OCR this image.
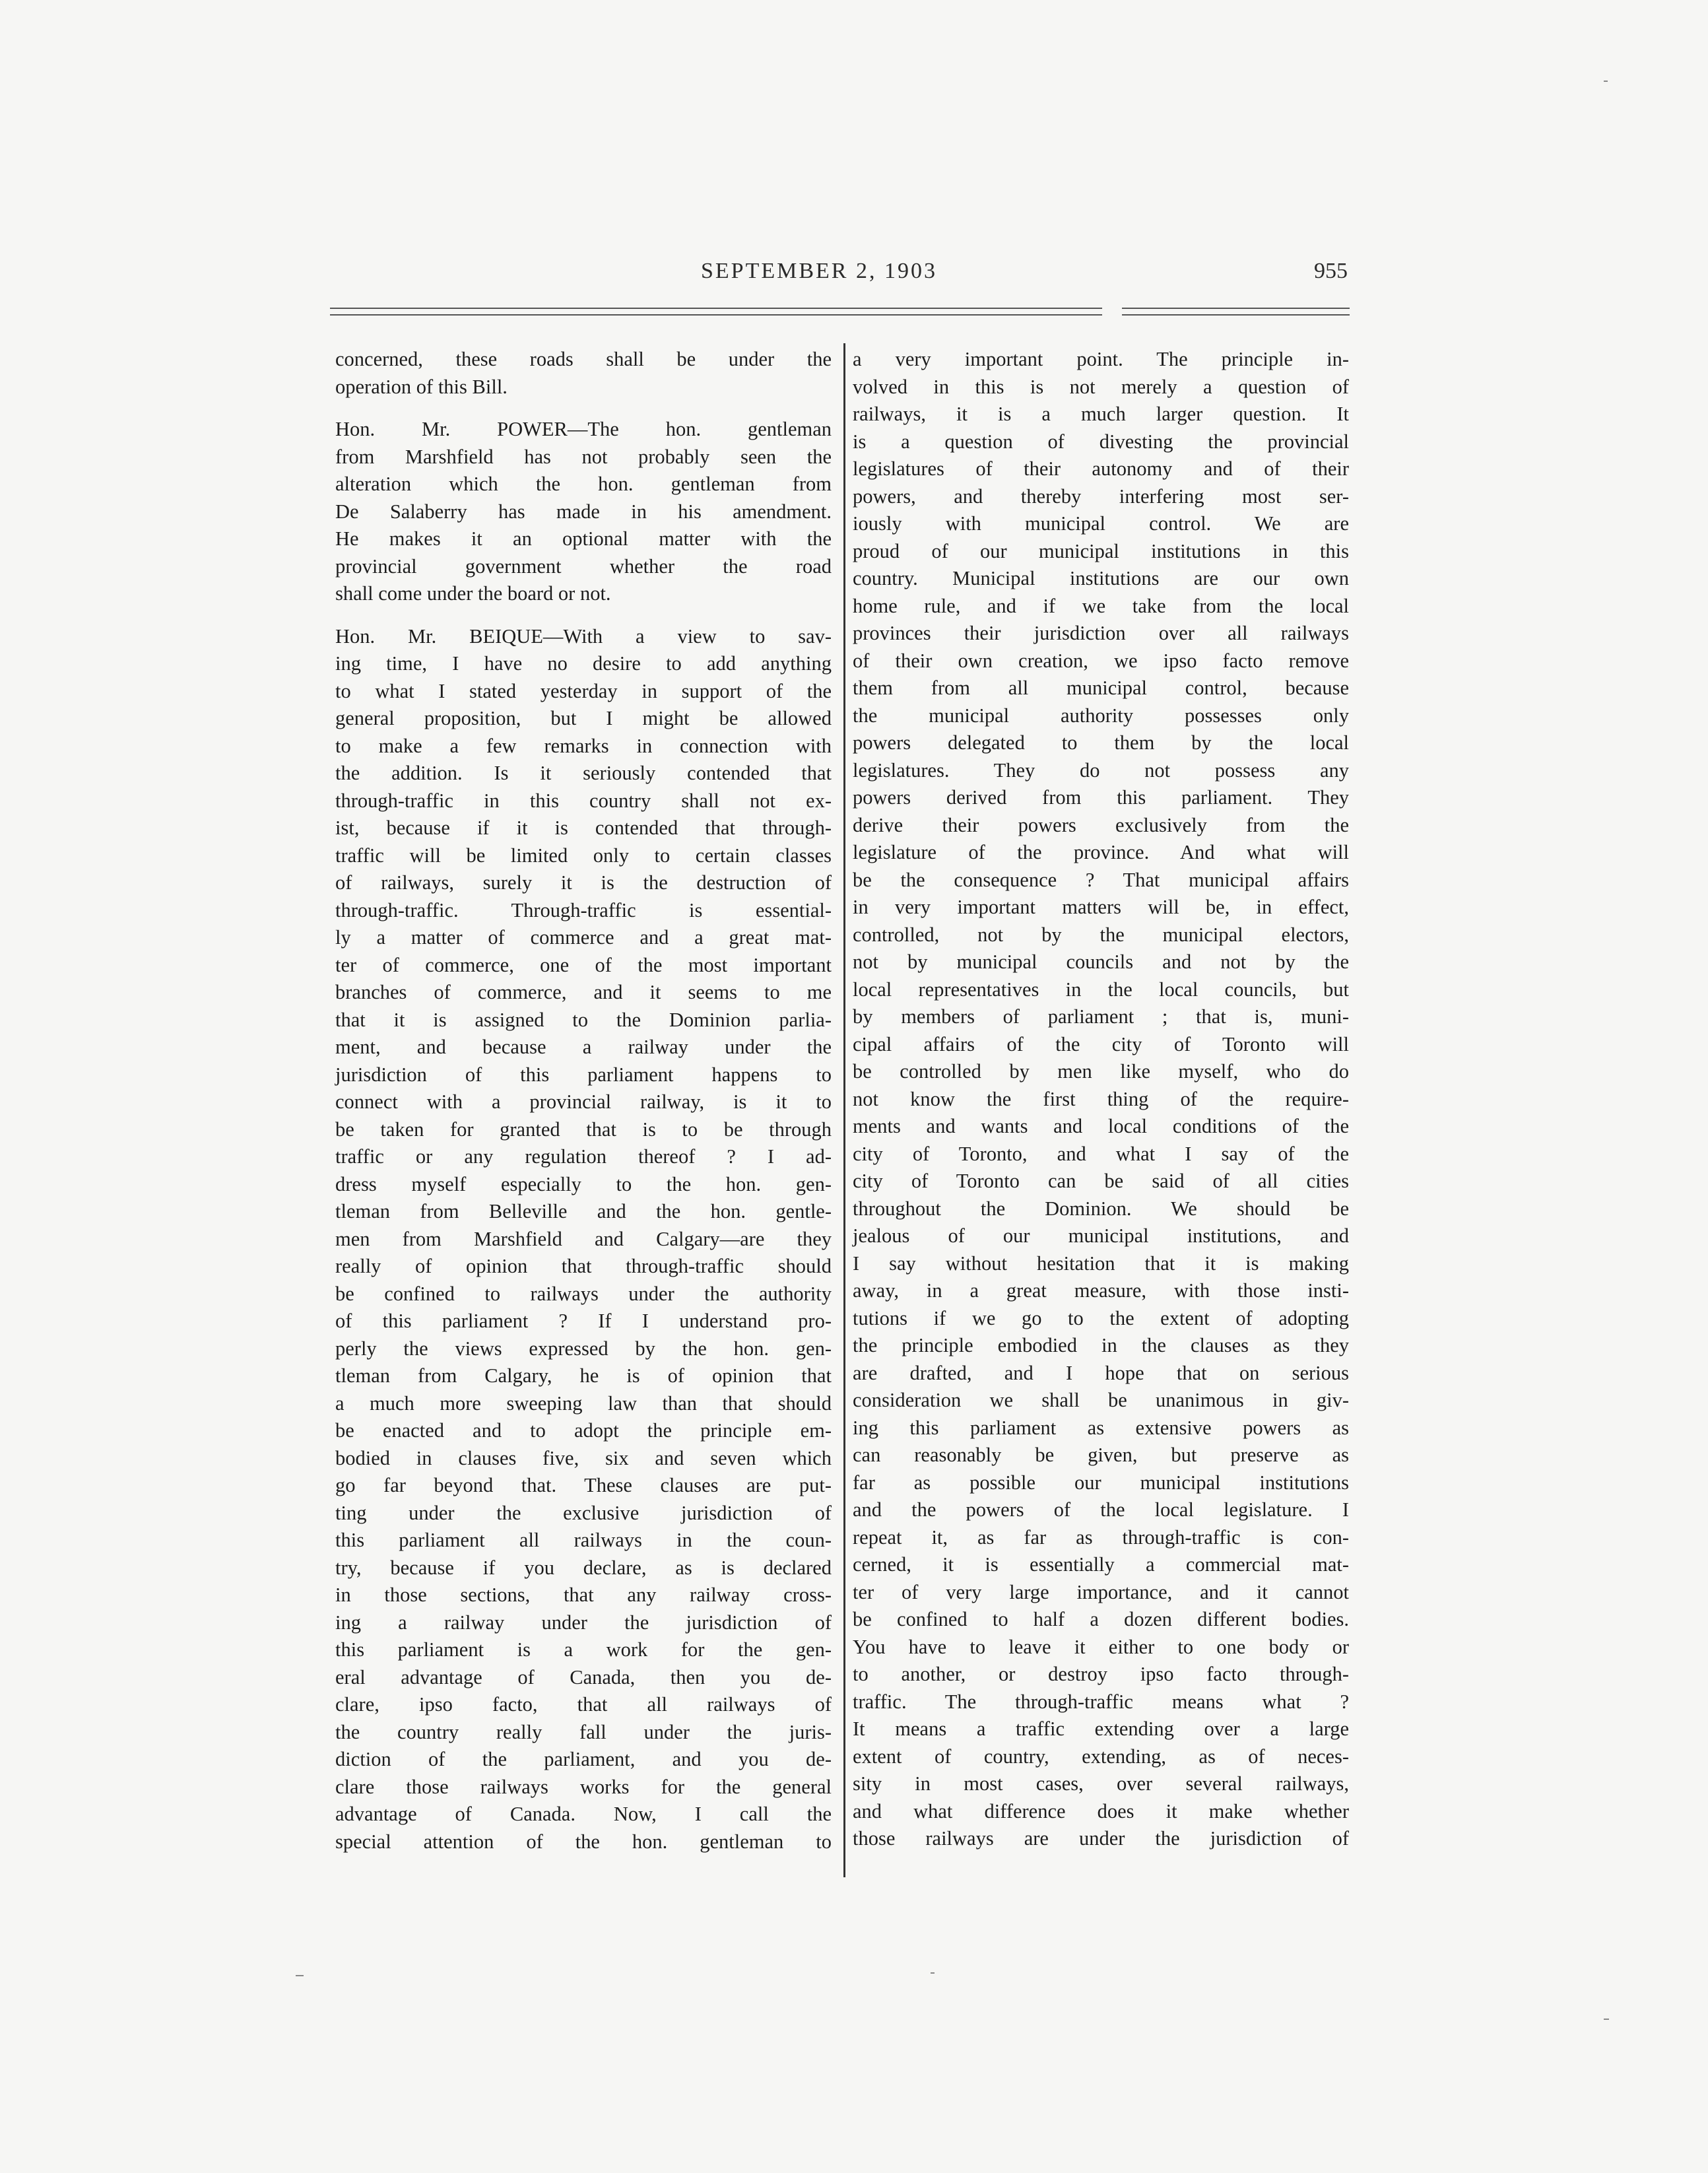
SEPTEMBER 2, 1903	955
concerned, these roads shall be under the
operation of this Bill.
Hon. Mr. POWER—The hon. gentleman
from Marshfield has not probably seen the
alteration which the hon. gentleman from
De Salaberry has made in his amendment.
He makes it an optional matter with the
provincial government whether the road
shall come under the board or not.
Hon. Mr. BEIQUE—With a view to sav-
ing time, I have no desire to add anything
to what I stated yesterday in support of the
general proposition, but I might be allowed
to make a few remarks in connection with
the addition. Is it seriously contended that
through-traffic in this country shall not ex-
ist, because if it is contended that through-
traffic will be limited only to certain classes
of railways, surely it is the destruction of
through-traffic. Through-traffic is essential-
ly a matter of commerce and a great mat-
ter of commerce, one of the most important
branches of commerce, and it seems to me
that it is assigned to the Dominion parlia-
ment, and because a railway under the
jurisdiction of this parliament happens to
connect with a provincial railway, is it to
be taken for granted that is to be through
traffic or any regulation thereof ? I ad-
dress myself especially to the hon. gen-
tleman from Belleville and the hon. gentle-
men from Marshfield and Calgary—are they
really of opinion that through-traffic should
be confined to railways under the authority
of this parliament ? If I understand pro-
perly the views expressed by the hon. gen-
tleman from Calgary, he is of opinion that
a much more sweeping law than that should
be enacted and to adopt the principle em-
bodied in clauses five, six and seven which
go far beyond that. These clauses are put-
ting under the exclusive jurisdiction of
this parliament all railways in the coun-
try, because if you declare, as is declared
in those sections, that any railway cross-
ing a railway under the jurisdiction of
this parliament is a work for the gen-
eral advantage of Canada, then you de-
clare, ipso facto, that all railways of
the country really fall under the juris-
diction of the parliament, and you de-
clare those railways works for the general
advantage of Canada. Now, I call the
special attention of the hon. gentleman to
a very important point. The principle in-
volved in this is not merely a question of
railways, it is a much larger question. It
is a question of divesting the provincial
legislatures of their autonomy and of their
powers, and thereby interfering most ser-
iously with municipal control. We are
proud of our municipal institutions in this
country. Municipal institutions are our own
home rule, and if we take from the local
provinces their jurisdiction over all railways
of their own creation, we ipso facto remove
them from all municipal control, because
the municipal authority possesses only
powers delegated to them by the local
legislatures. They do not possess any
powers derived from this parliament. They
derive their powers exclusively from the
legislature of the province. And what will
be the consequence ? That municipal affairs
in very important matters will be, in effect,
controlled, not by the municipal electors,
not by municipal councils and not by the
local representatives in the local councils, but
by members of parliament ; that is, muni-
cipal affairs of the city of Toronto will
be controlled by men like myself, who do
not know the first thing of the require-
ments and wants and local conditions of the
city of Toronto, and what I say of the
city of Toronto can be said of all cities
throughout the Dominion. We should be
jealous of our municipal institutions, and
I say without hesitation that it is making
away, in a great measure, with those insti-
tutions if we go to the extent of adopting
the principle embodied in the clauses as they
are drafted, and I hope that on serious
consideration we shall be unanimous in giv-
ing this parliament as extensive powers as
can reasonably be given, but preserve as
far as possible our municipal institutions
and the powers of the local legislature. I
repeat it, as far as through-traffic is con-
cerned, it is essentially a commercial mat-
ter of very large importance, and it cannot
be confined to half a dozen different bodies.
You have to leave it either to one body or
to another, or destroy ipso facto through-
traffic. The through-traffic means what ?
It means a traffic extending over a large
extent of country, extending, as of neces-
sity in most cases, over several railways,
and what difference does it make whether
those railways are under the jurisdiction of
